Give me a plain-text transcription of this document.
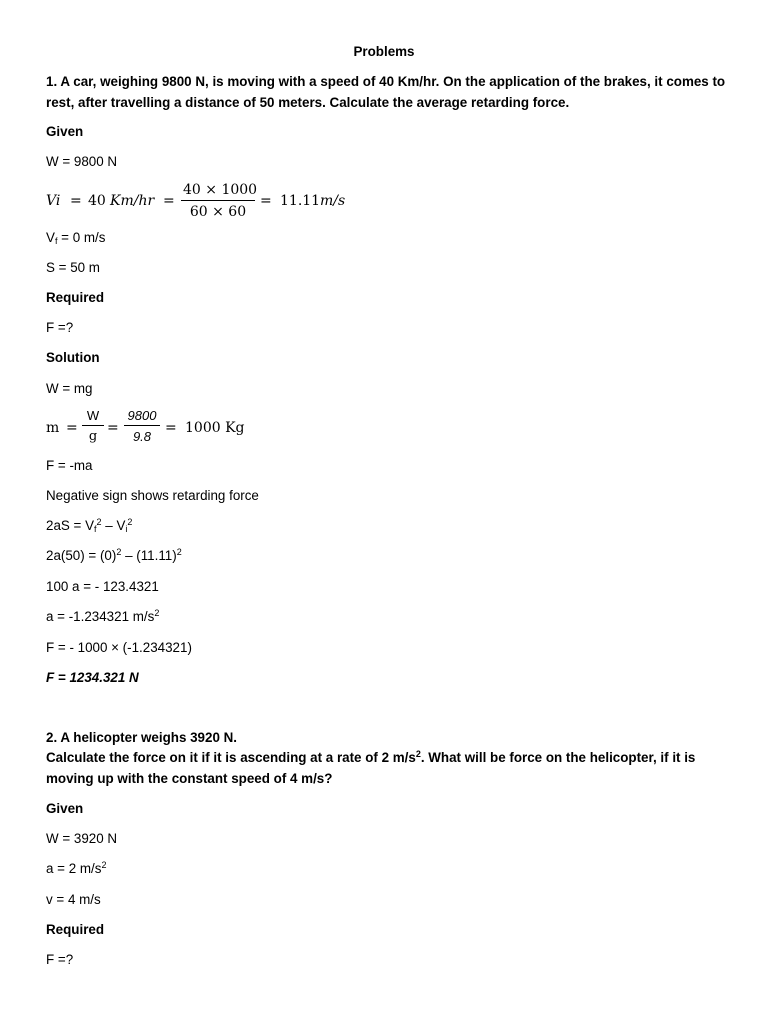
Problems
1. A car, weighing 9800 N, is moving with a speed of 40 Km/hr. On the application of the brakes, it comes to rest, after travelling a distance of 50 meters. Calculate the average retarding force.
Given
W = 9800 N
Vi = 40 Km/hr =
40 × 1000
60 × 60
= 11.11 m/s
$V_f = 0$ m/s
S = 50 m
Required
F =?
Solution
W = mg
m =
W
g
=
9800
9.8
= 1000 Kg
F = -ma
Negative sign shows retarding force
$2aS = V_f^2 - V_i^2$
$2a(50) = (0)^2 - (11.11)^2$
100 a = - 123.4321
a = -1.234321 $m/s^2$
F = - 1000 × (-1.234321)
F = 1234.321 N
2. A helicopter weighs 3920 N.
Calculate the force on it if it is ascending at a rate of 2 $m/s^2$. What will be force on the helicopter, if it is
moving up with the constant speed of 4 m/s?
Given
W = 3920 N
a = 2 $m/s^2$
v = 4 m/s
Required
F =?
